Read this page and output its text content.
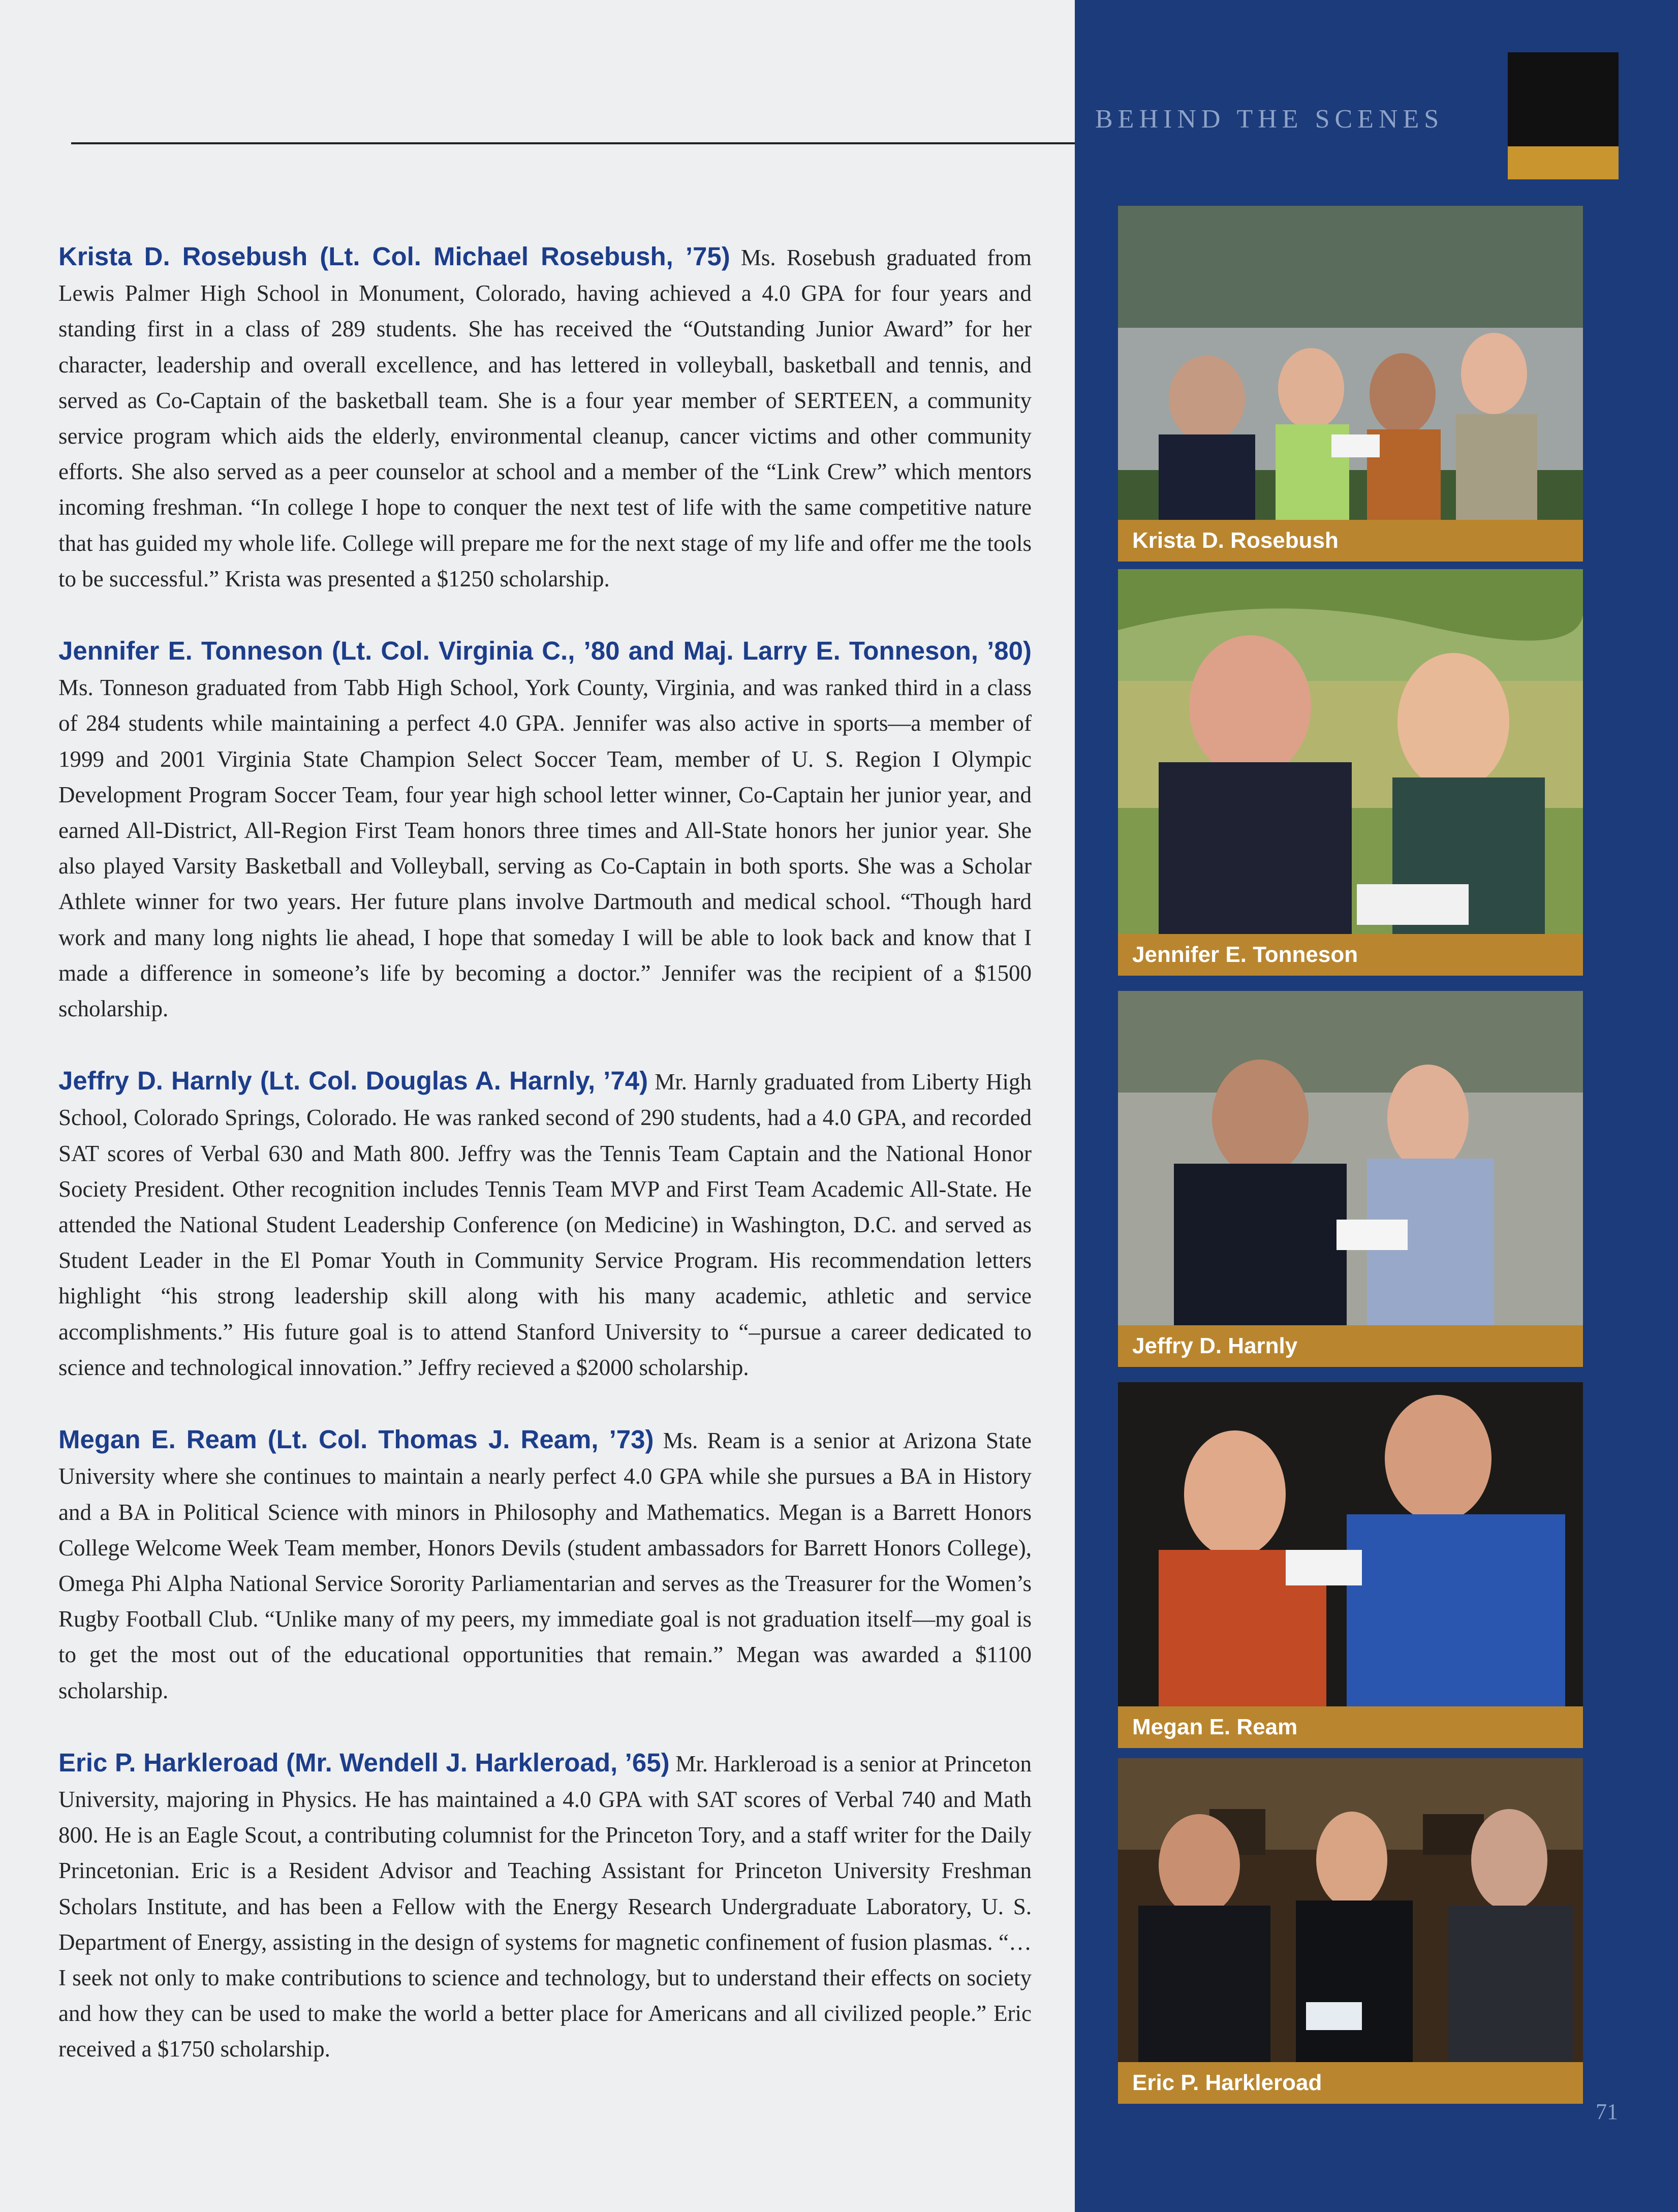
BEHIND THE SCENES
Krista D. Rosebush
Jennifer E. Tonneson
Jeffry D. Harnly
Megan E. Ream
Eric P. Harkleroad

Krista D. Rosebush (Lt. Col. Michael Rosebush, ’75) Ms. Rosebush graduated from Lewis Palmer High School in Monument, Colorado, having achieved a 4.0 GPA for four years and standing first in a class of 289 students. She has received the “Outstanding Junior Award” for her character, leadership and overall excellence, and has lettered in volleyball, basketball and tennis, and served as Co-Captain of the basketball team. She is a four year member of SERTEEN, a community service program which aids the elderly, environmental cleanup, cancer victims and other community efforts. She also served as a peer counselor at school and a member of the “Link Crew” which mentors incoming freshman. “In college I hope to conquer the next test of life with the same competitive nature that has guided my whole life. College will prepare me for the next stage of my life and offer me the tools to be successful.” Krista was presented a $1250 scholarship.

Jennifer E. Tonneson (Lt. Col. Virginia C., ’80 and Maj. Larry E. Tonneson, ’80) Ms. Tonneson graduated from Tabb High School, York County, Virginia, and was ranked third in a class of 284 students while maintaining a perfect 4.0 GPA. Jennifer was also active in sports—a member of 1999 and 2001 Virginia State Champion Select Soccer Team, member of U. S. Region I Olympic Development Program Soccer Team, four year high school letter winner, Co-Captain her junior year, and earned All-District, All-Region First Team honors three times and All-State honors her junior year. She also played Varsity Basketball and Volleyball, serving as Co-Captain in both sports. She was a Scholar Athlete winner for two years. Her future plans involve Dartmouth and medical school. “Though hard work and many long nights lie ahead, I hope that someday I will be able to look back and know that I made a difference in someone’s life by becoming a doctor.” Jennifer was the recipient of a $1500 scholarship.

Jeffry D. Harnly (Lt. Col. Douglas A. Harnly, ’74) Mr. Harnly graduated from Liberty High School, Colorado Springs, Colorado. He was ranked second of 290 students, had a 4.0 GPA, and recorded SAT scores of Verbal 630 and Math 800. Jeffry was the Tennis Team Captain and the National Honor Society President. Other recognition includes Tennis Team MVP and First Team Academic All-State. He attended the National Student Leadership Conference (on Medicine) in Washington, D.C. and served as Student Leader in the El Pomar Youth in Community Service Program. His recommendation letters highlight “his strong leadership skill along with his many academic, athletic and service accomplishments.” His future goal is to attend Stanford University to “–pursue a career dedicated to science and technological innovation.” Jeffry recieved a $2000 scholarship.

Megan E. Ream (Lt. Col. Thomas J. Ream, ’73) Ms. Ream is a senior at Arizona State University where she continues to maintain a nearly perfect 4.0 GPA while she pursues a BA in History and a BA in Political Science with minors in Philosophy and Mathematics. Megan is a Barrett Honors College Welcome Week Team member, Honors Devils (student ambassadors for Barrett Honors College), Omega Phi Alpha National Service Sorority Parliamentarian and serves as the Treasurer for the Women’s Rugby Football Club. “Unlike many of my peers, my immediate goal is not graduation itself—my goal is to get the most out of the educational opportunities that remain.” Megan was awarded a $1100 scholarship.

Eric P. Harkleroad (Mr. Wendell J. Harkleroad, ’65) Mr. Harkleroad is a senior at Princeton University, majoring in Physics. He has maintained a 4.0 GPA with SAT scores of Verbal 740 and Math 800. He is an Eagle Scout, a contributing columnist for the Princeton Tory, and a staff writer for the Daily Princetonian. Eric is a Resident Advisor and Teaching Assistant for Princeton University Freshman Scholars Institute, and has been a Fellow with the Energy Research Undergraduate Laboratory, U. S. Department of Energy, assisting in the design of systems for magnetic confinement of fusion plasmas. “…I seek not only to make contributions to science and technology, but to understand their effects on society and how they can be used to make the world a better place for Americans and all civilized people.” Eric received a $1750 scholarship.

71
